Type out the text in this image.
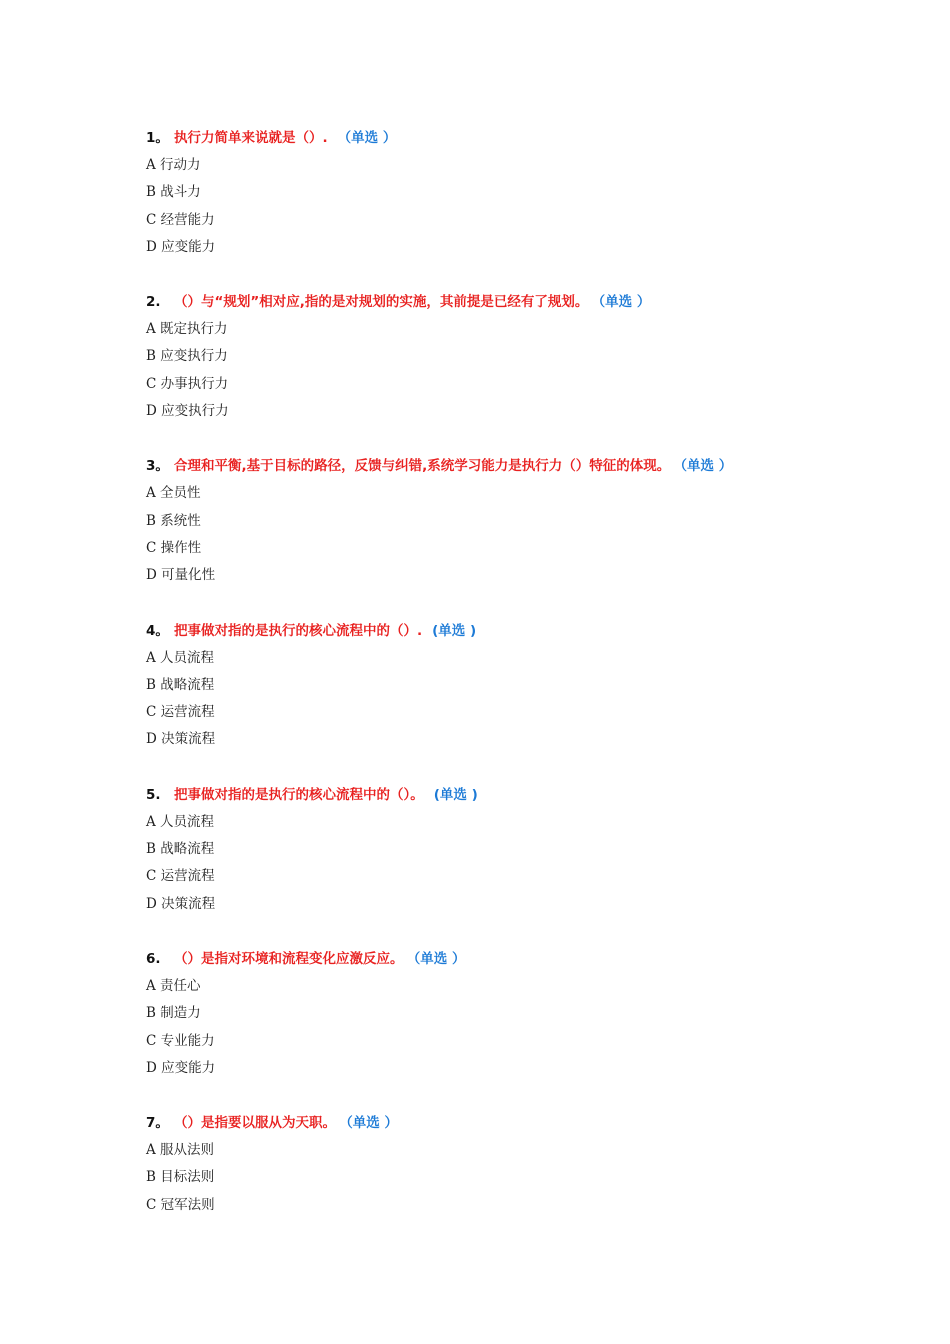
1。 执行力简单来说就是（）. （单选 ）
A 行动力
B 战斗力
C 经营能力
D 应变能力
2. （）与“规划”相对应,指的是对规划的实施，其前提是已经有了规划。 （单选 ）
A 既定执行力
B 应变执行力
C 办事执行力
D 应变执行力
3。 合理和平衡,基于目标的路径，反馈与纠错,系统学习能力是执行力（）特征的体现。 （单选 ）
A 全员性
B 系统性
C 操作性
D 可量化性
4。 把事做对指的是执行的核心流程中的（）. (单选 )
A 人员流程
B 战略流程
C 运营流程
D 决策流程
5. 把事做对指的是执行的核心流程中的（）。 (单选 )
A 人员流程
B 战略流程
C 运营流程
D 决策流程
6. （）是指对环境和流程变化应激反应。 （单选 ）
A 责任心
B 制造力
C 专业能力
D 应变能力
7。 （）是指要以服从为天职。 （单选 ）
A 服从法则
B 目标法则
C 冠军法则
